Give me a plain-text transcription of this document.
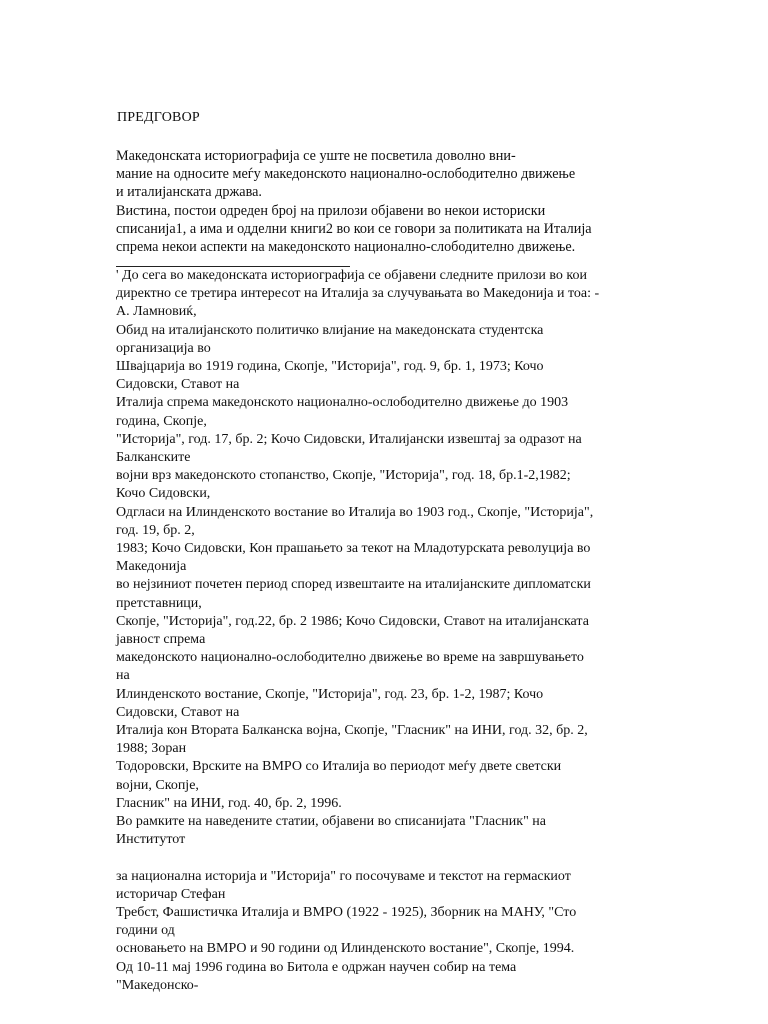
ПРЕДГОВОР
Македонската историографија се уште не посветила доволно вни-
мание на односите меѓу македонското национално-ослободително движење
и италијанската држава.
Вистина, постои одреден број на прилози објавени во некои историски
списанија1, а има и одделни книги2 во кои се говори за политиката на Италија
спрема некои аспекти на македонското национално-слободително движење.
' До сега во македонската историографија се објавени следните прилози во кои
директно се третира интересот на Италија за случувањата во Македонија и тоа: -
А. Ламновиќ,
Обид на италијанското политичко влијание на македонската студентска
организација во
Швајцарија во 1919 година, Скопје, "Историја", год. 9, бр. 1, 1973; Кочо
Сидовски, Ставот на
Италија спрема македонското национално-ослободително движење до 1903
година, Скопје,
"Историја", год. 17, бр. 2; Кочо Сидовски, Италијански извештај за одразот на
Балканските
војни врз македонското стопанство, Скопје, "Историја", год. 18, бр.1-2,1982;
Кочо Сидовски,
Одгласи на Илинденското востание во Италија во 1903 год., Скопје, "Историја",
год. 19, бр. 2,
1983; Кочо Сидовски, Кон прашањето за текот на Младотурската револуција во
Македонија
во нејзиниот почетен период според извештаите на италијанските дипломатски
претставници,
Скопје, "Историја", год.22, бр. 2 1986; Кочо Сидовски, Ставот на италијанската
јавност спрема
македонското национално-ослободително движење во време на завршувањето
на
Илинденското востание, Скопје, "Историја", год. 23, бр. 1-2, 1987; Кочо
Сидовски, Ставот на
Италија кон Втората Балканска војна, Скопје, "Гласник" на ИНИ, год. 32, бр. 2,
1988; Зоран
Тодоровски, Врските на ВМРО со Италија во периодот меѓу двете светски
војни, Скопје,
Гласник" на ИНИ, год. 40, бр. 2, 1996.
Во рамките на наведените статии, објавени во списанијата "Гласник" на
Институтот
за национална историја и "Историја" го посочуваме и текстот на гермаскиот
историчар Стефан
Требст, Фашистичка Италија и ВМРО (1922 - 1925), Зборник на МАНУ, "Сто
години од
основањето на ВМРО и 90 години од Илинденското востание", Скопје, 1994.
Од 10-11 мај 1996 година во Битола е одржан научен собир на тема
"Македонско-
